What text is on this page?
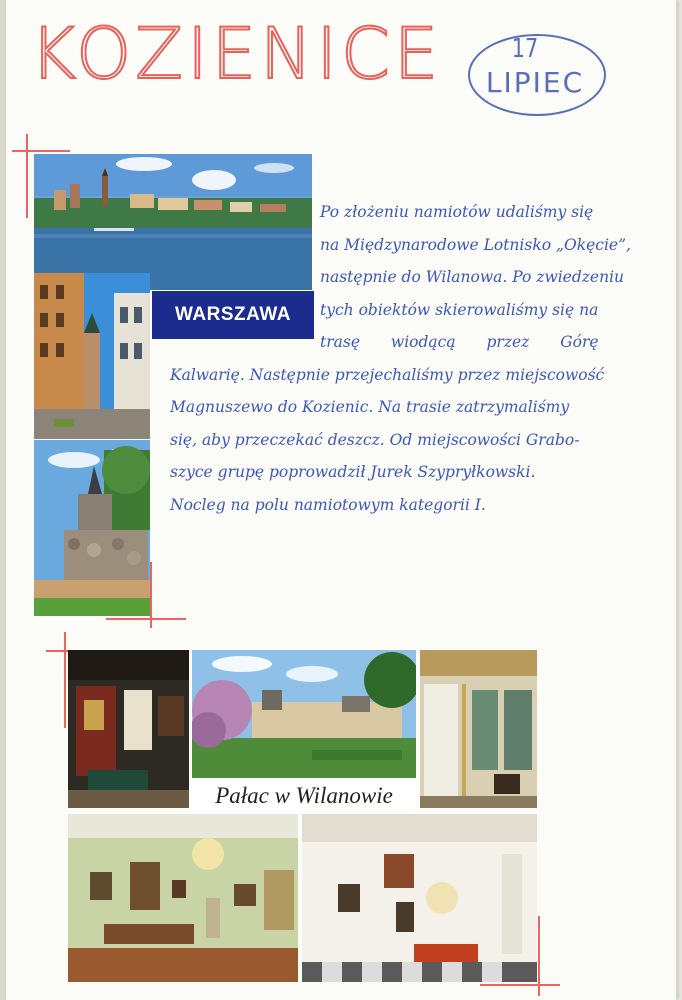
KOZIENICE	17
LIPIEC
WARSZAWA
Po złożeniu namiotów udaliśmy się
na Międzynarodowe Lotnisko „Okęcie”,
następnie do Wilanowa. Po zwiedzeniu
tych obiektów skierowaliśmy się na
trasę wiodącą przez Górę
Kalwarię. Następnie przejechaliśmy przez miejscowość
Magnuszewo do Kozienic. Na trasie zatrzymaliśmy
się, aby przeczekać deszcz. Od miejscowości Grabo-
szyce grupę poprowadził Jurek Szypryłkowski.
Nocleg na polu namiotowym kategorii I.
Pałac w Wilanowie
